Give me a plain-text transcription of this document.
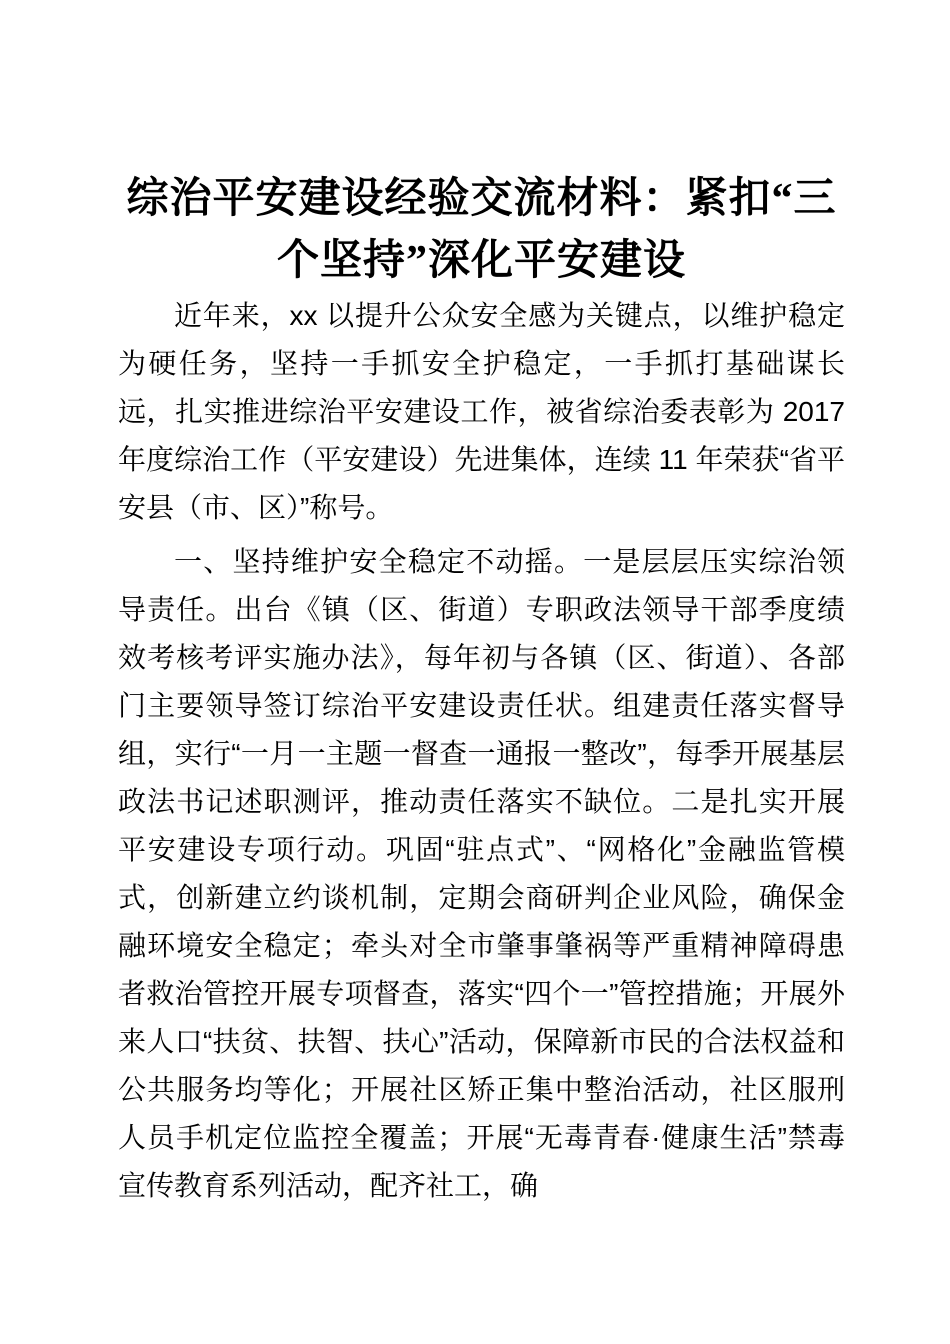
综治平安建设经验交流材料：紧扣“三个坚持”深化平安建设

近年来，xx 以提升公众安全感为关键点，以维护稳定为硬任务，坚持一手抓安全护稳定，一手抓打基础谋长远，扎实推进综治平安建设工作，被省综治委表彰为 2017 年度综治工作（平安建设）先进集体，连续 11 年荣获“省平安县（市、区）”称号。

一、坚持维护安全稳定不动摇。一是层层压实综治领导责任。出台《镇（区、街道）专职政法领导干部季度绩效考核考评实施办法》，每年初与各镇（区、街道）、各部门主要领导签订综治平安建设责任状。组建责任落实督导组，实行“一月一主题一督查一通报一整改”，每季开展基层政法书记述职测评，推动责任落实不缺位。二是扎实开展平安建设专项行动。巩固“驻点式”、“网格化”金融监管模式，创新建立约谈机制，定期会商研判企业风险，确保金融环境安全稳定；牵头对全市肇事肇祸等严重精神障碍患者救治管控开展专项督查，落实“四个一”管控措施；开展外来人口“扶贫、扶智、扶心”活动，保障新市民的合法权益和公共服务均等化；开展社区矫正集中整治活动，社区服刑人员手机定位监控全覆盖；开展“无毒青春·健康生活”禁毒宣传教育系列活动，配齐社工，确
